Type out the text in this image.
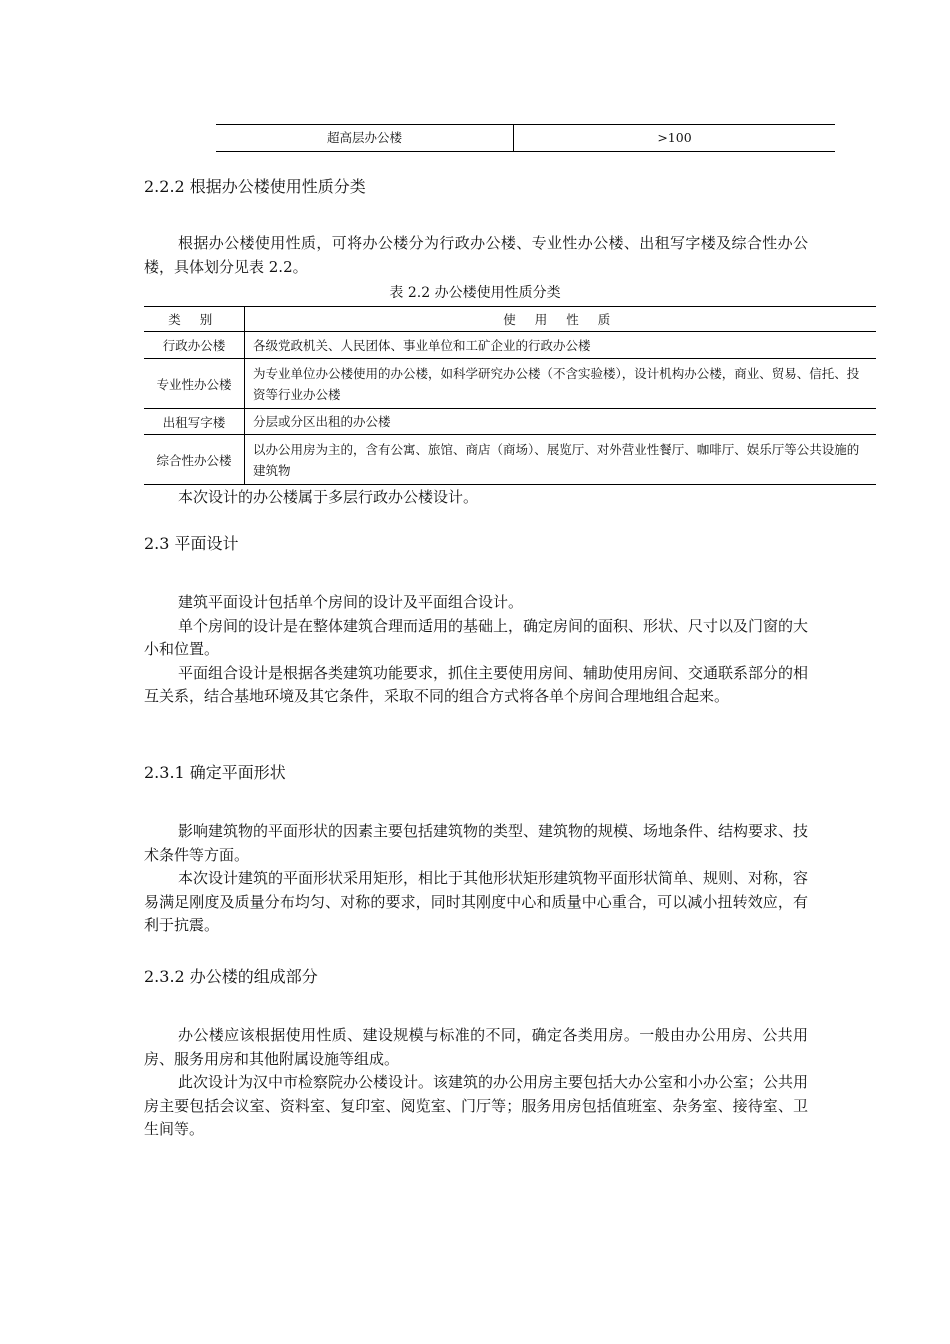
超高层办公楼	>100
2.2.2 根据办公楼使用性质分类

根据办公楼使用性质，可将办公楼分为行政办公楼、专业性办公楼、出租写字楼及综合性办公楼，具体划分见表 2.2。

表 2.2 办公楼使用性质分类
类 别	使 用 性 质
行政办公楼	各级党政机关、人民团体、事业单位和工矿企业的行政办公楼
专业性办公楼	为专业单位办公楼使用的办公楼，如科学研究办公楼（不含实验楼），设计机构办公楼，商业、贸易、信托、投资等行业办公楼
出租写字楼	分层或分区出租的办公楼
综合性办公楼	以办公用房为主的，含有公寓、旅馆、商店（商场）、展览厅、对外营业性餐厅、咖啡厅、娱乐厅等公共设施的建筑物

本次设计的办公楼属于多层行政办公楼设计。

2.3 平面设计

建筑平面设计包括单个房间的设计及平面组合设计。

单个房间的设计是在整体建筑合理而适用的基础上，确定房间的面积、形状、尺寸以及门窗的大小和位置。

平面组合设计是根据各类建筑功能要求，抓住主要使用房间、辅助使用房间、交通联系部分的相互关系，结合基地环境及其它条件，采取不同的组合方式将各单个房间合理地组合起来。

2.3.1 确定平面形状

影响建筑物的平面形状的因素主要包括建筑物的类型、建筑物的规模、场地条件、结构要求、技术条件等方面。

本次设计建筑的平面形状采用矩形，相比于其他形状矩形建筑物平面形状简单、规则、对称，容易满足刚度及质量分布均匀、对称的要求，同时其刚度中心和质量中心重合，可以减小扭转效应，有利于抗震。

2.3.2 办公楼的组成部分

办公楼应该根据使用性质、建设规模与标准的不同，确定各类用房。一般由办公用房、公共用房、服务用房和其他附属设施等组成。

此次设计为汉中市检察院办公楼设计。该建筑的办公用房主要包括大办公室和小办公室；公共用房主要包括会议室、资料室、复印室、阅览室、门厅等；服务用房包括值班室、杂务室、接待室、卫生间等。
